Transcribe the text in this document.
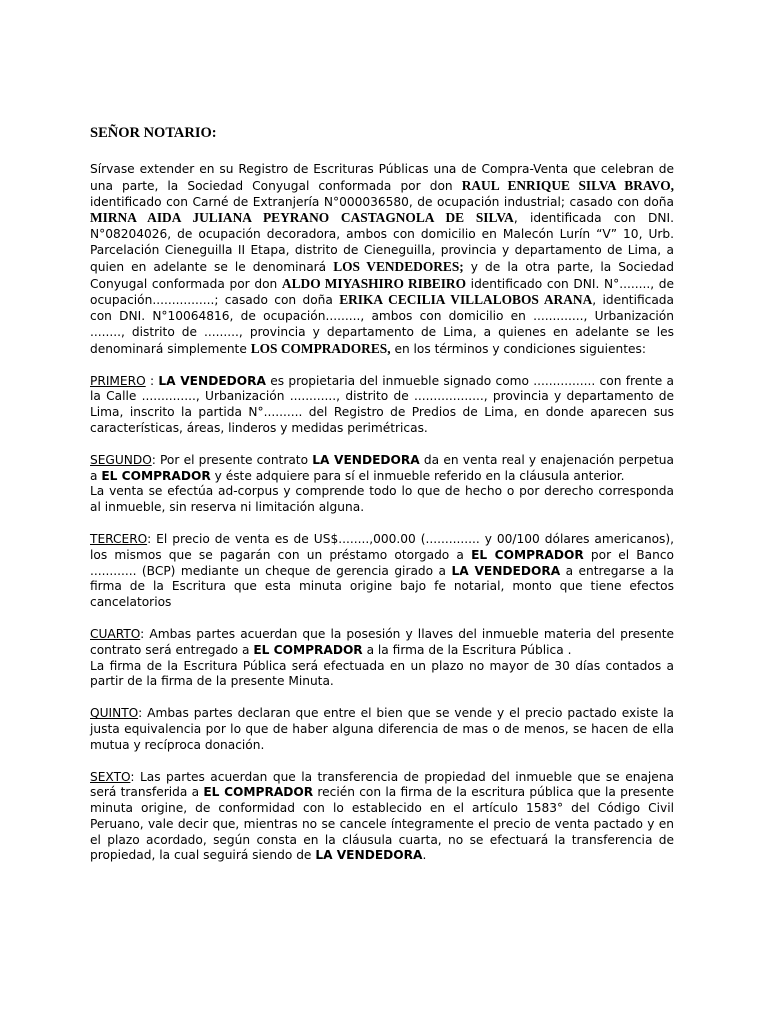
SEÑOR NOTARIO:

Sírvase extender en su Registro de Escrituras Públicas una de Compra-Venta que celebran de una parte, la Sociedad Conyugal conformada por don RAUL ENRIQUE SILVA BRAVO, identificado con Carné de Extranjería N°000036580, de ocupación industrial; casado con doña MIRNA AIDA JULIANA PEYRANO CASTAGNOLA DE SILVA, identificada con DNI. N°08204026, de ocupación decoradora, ambos con domicilio en Malecón Lurín “V” 10, Urb. Parcelación Cieneguilla II Etapa, distrito de Cieneguilla, provincia y departamento de Lima, a quien en adelante se le denominará LOS VENDEDORES; y de la otra parte, la Sociedad Conyugal conformada por don ALDO MIYASHIRO RIBEIRO identificado con DNI. N°........, de ocupación................; casado con doña ERIKA CECILIA VILLALOBOS ARANA, identificada con DNI. N°10064816, de ocupación........., ambos con domicilio en ............., Urbanización ........, distrito de ........., provincia y departamento de Lima, a quienes en adelante se les denominará simplemente LOS COMPRADORES, en los términos y condiciones siguientes:

PRIMERO : LA VENDEDORA es propietaria del inmueble signado como ................ con frente a la Calle .............., Urbanización ............, distrito de .................., provincia y departamento de Lima, inscrito la partida N°.......... del Registro de Predios de Lima, en donde aparecen sus características, áreas, linderos y medidas perimétricas.

SEGUNDO: Por el presente contrato LA VENDEDORA da en venta real y enajenación perpetua a EL COMPRADOR y éste adquiere para sí el inmueble referido en la cláusula anterior.
La venta se efectúa ad-corpus y comprende todo lo que de hecho o por derecho corresponda al inmueble, sin reserva ni limitación alguna.

TERCERO: El precio de venta es de US$........,000.00 (.............. y 00/100 dólares americanos), los mismos que se pagarán con un préstamo otorgado a EL COMPRADOR por el Banco ............ (BCP) mediante un cheque de gerencia girado a LA VENDEDORA a entregarse a la firma de la Escritura que esta minuta origine bajo fe notarial, monto que tiene efectos cancelatorios

CUARTO: Ambas partes acuerdan que la posesión y llaves del inmueble materia del presente contrato será entregado a EL COMPRADOR a la firma de la Escritura Pública .
La firma de la Escritura Pública será efectuada en un plazo no mayor de 30 días contados a partir de la firma de la presente Minuta.

QUINTO: Ambas partes declaran que entre el bien que se vende y el precio pactado existe la justa equivalencia por lo que de haber alguna diferencia de mas o de menos, se hacen de ella mutua y recíproca donación.

SEXTO: Las partes acuerdan que la transferencia de propiedad del inmueble que se enajena será transferida a EL COMPRADOR recién con la firma de la escritura pública que la presente minuta origine, de conformidad con lo establecido en el artículo 1583° del Código Civil Peruano, vale decir que, mientras no se cancele íntegramente el precio de venta pactado y en el plazo acordado, según consta en la cláusula cuarta, no se efectuará la transferencia de propiedad, la cual seguirá siendo de LA VENDEDORA.
